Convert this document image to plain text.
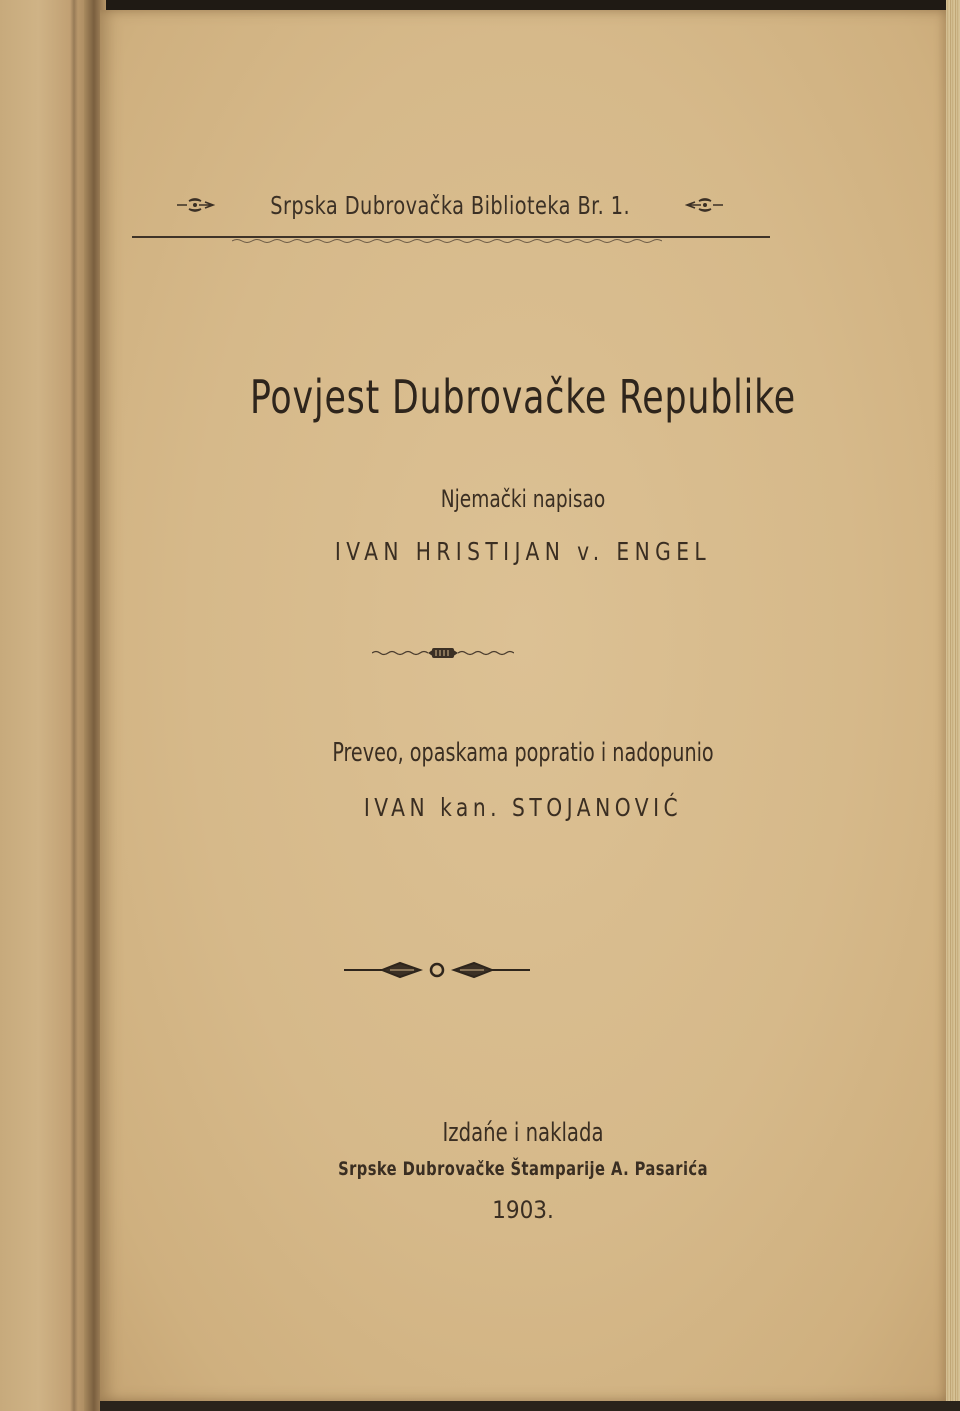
Srpska Dubrovačka Biblioteka Br. 1.
Povjest Dubrovačke Republike
Njemački napisao
IVAN HRISTIJAN v. ENGEL
Preveo, opaskama popratio i nadopunio
IVAN kan. STOJANOVIĆ
Izdańe i naklada
Srpske Dubrovačke Štamparije A. Pasarića
1903.
